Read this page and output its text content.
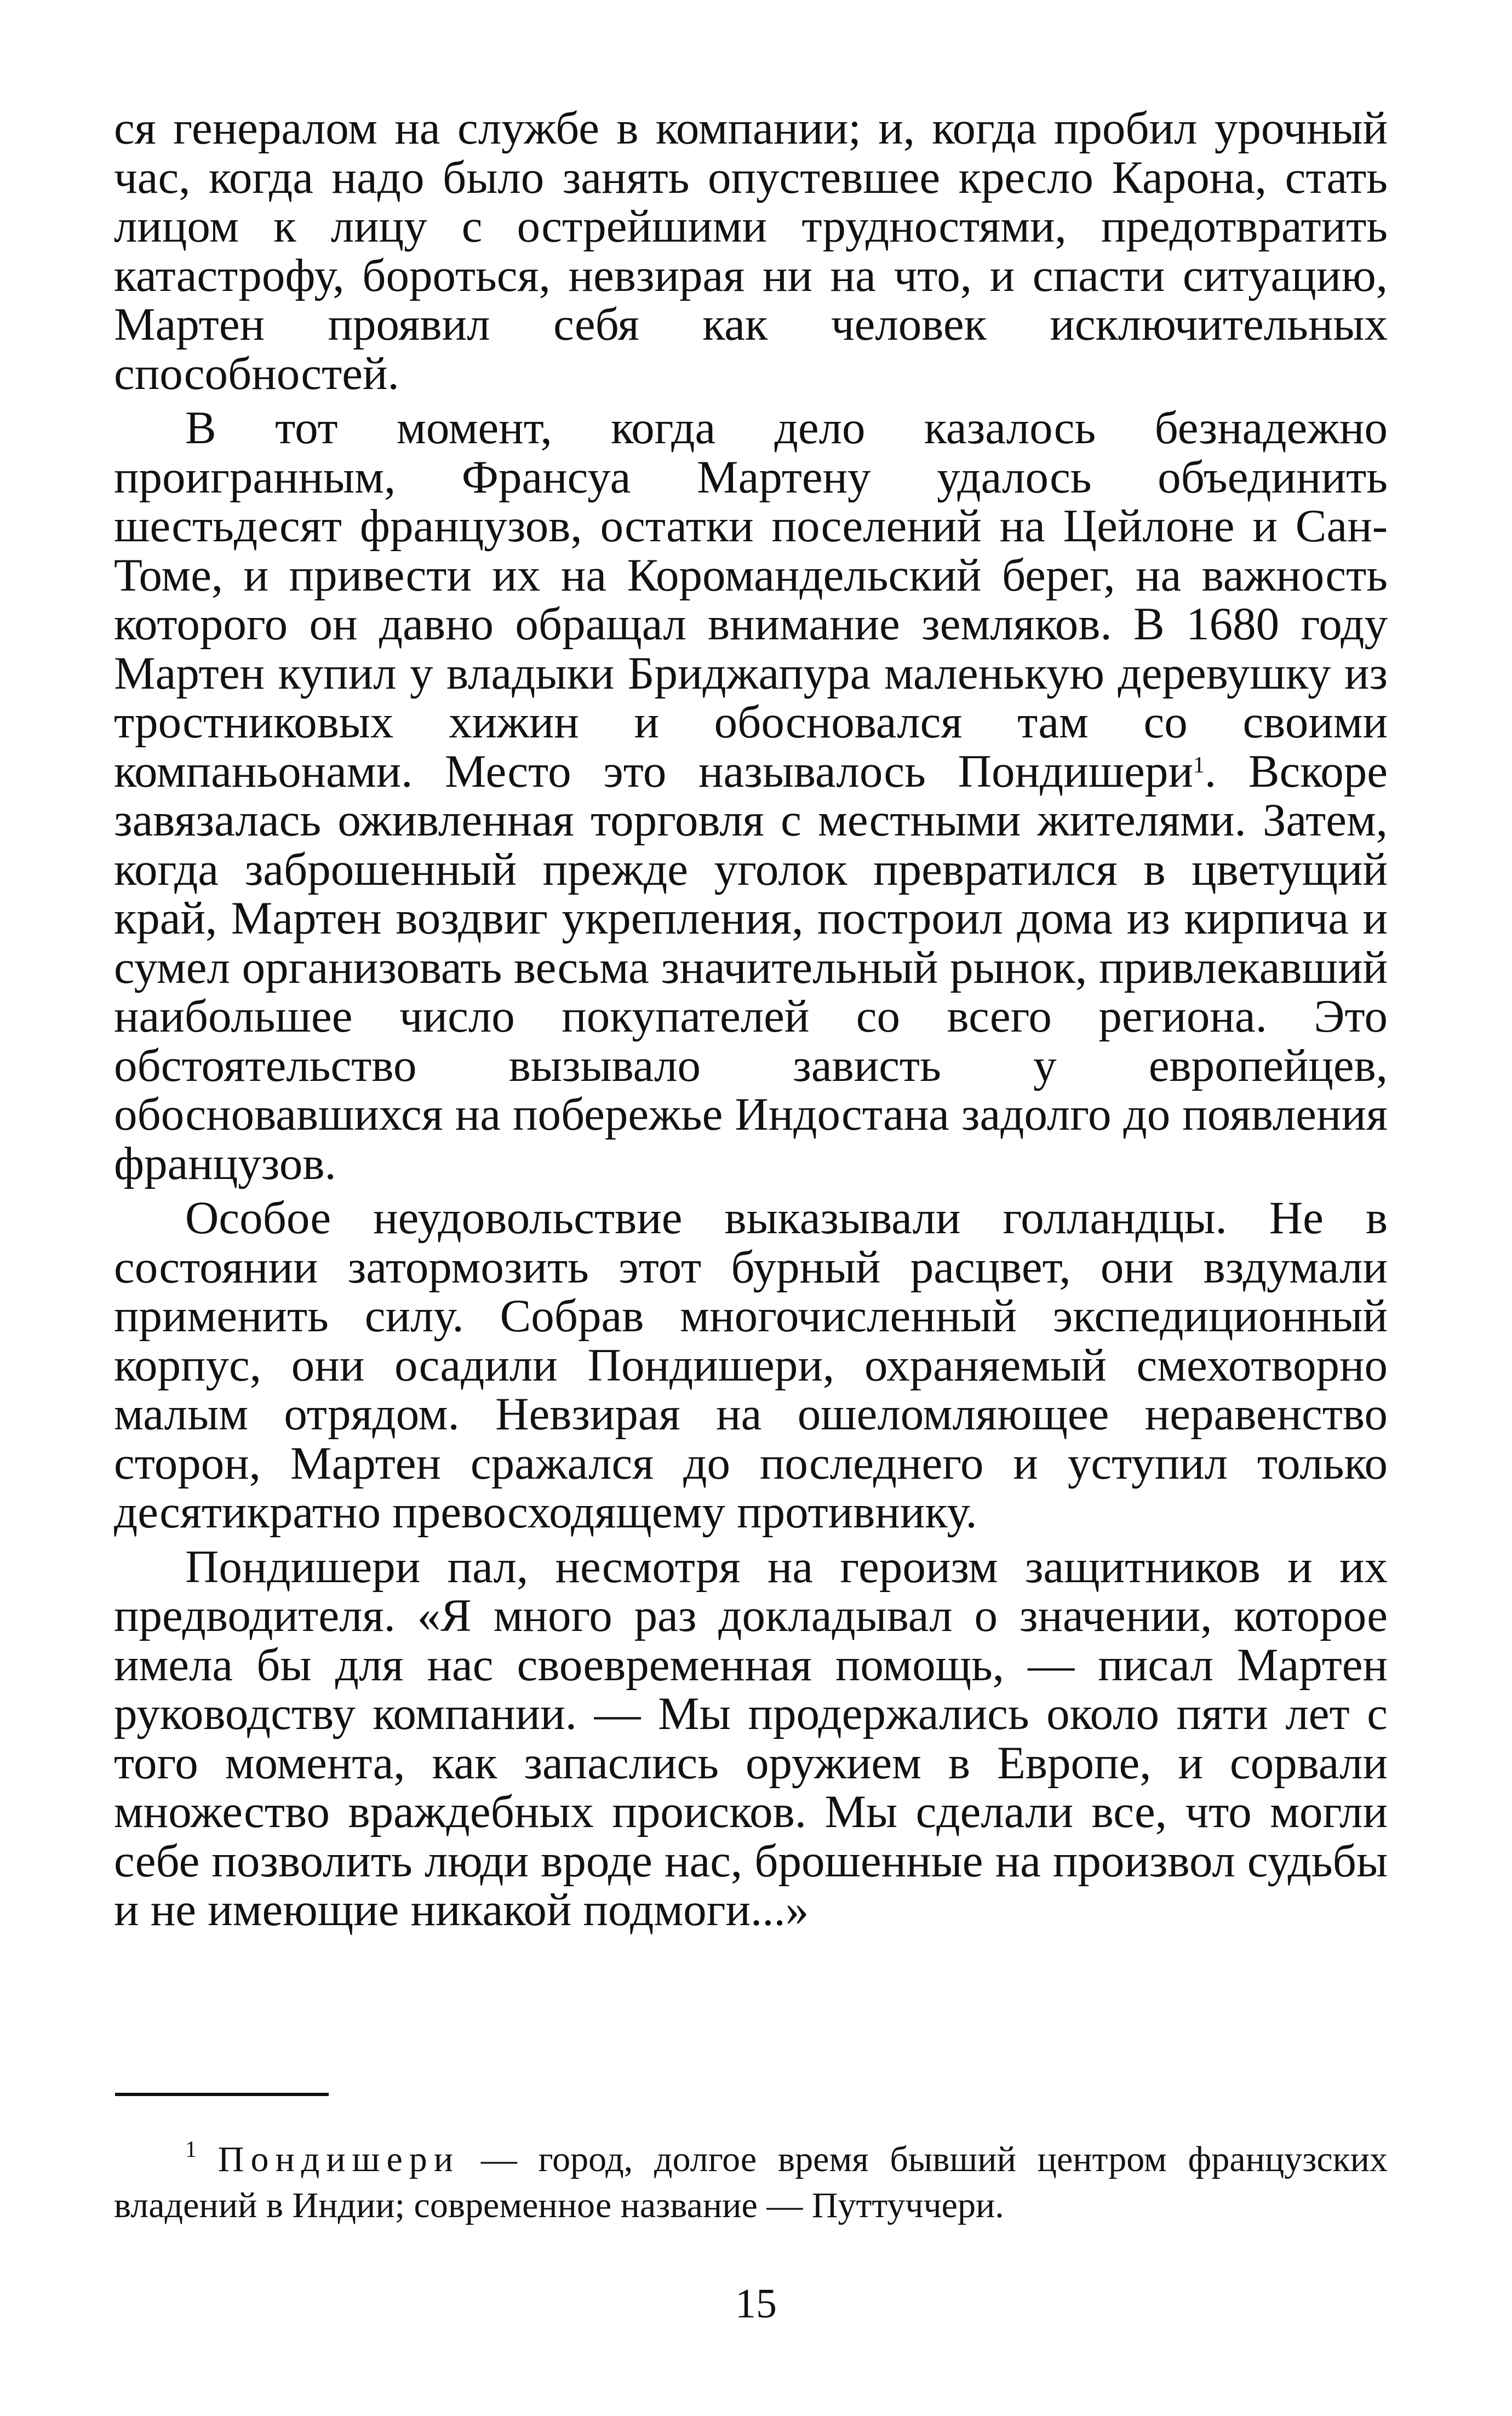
ся генералом на службе в компании; и, когда пробил урочный час, когда надо было занять опустевшее кресло Карона, стать лицом к лицу с острейшими трудностями, предотвратить катастрофу, бороться, невзирая ни на что, и спасти ситуацию, Мартен проявил себя как человек исключительных способностей.

В тот момент, когда дело казалось безнадежно проигранным, Франсуа Мартену удалось объединить шестьдесят французов, остатки поселений на Цейлоне и Сан-Томе, и привести их на Коромандельский берег, на важность которого он давно обращал внимание земляков. В 1680 году Мартен купил у владыки Бриджапура маленькую деревушку из тростниковых хижин и обосновался там со своими компаньонами. Место это называлось Пондишери$^1$. Вскоре завязалась оживленная торговля с местными жителями. Затем, когда заброшенный прежде уголок превратился в цветущий край, Мартен воздвиг укрепления, построил дома из кирпича и сумел организовать весьма значительный рынок, привлекавший наибольшее число покупателей со всего региона. Это обстоятельство вызывало зависть у европейцев, обосновавшихся на побережье Индостана задолго до появления французов.

Особое неудовольствие выказывали голландцы. Не в состоянии затормозить этот бурный расцвет, они вздумали применить силу. Собрав многочисленный экспедиционный корпус, они осадили Пондишери, охраняемый смехотворно малым отрядом. Невзирая на ошеломляющее неравенство сторон, Мартен сражался до последнего и уступил только десятикратно превосходящему противнику.

Пондишери пал, несмотря на героизм защитников и их предводителя. «Я много раз докладывал о значении, которое имела бы для нас своевременная помощь, — писал Мартен руководству компании. — Мы продержались около пяти лет с того момента, как запаслись оружием в Европе, и сорвали множество враждебных происков. Мы сделали все, что могли себе позволить люди вроде нас, брошенные на произвол судьбы и не имеющие никакой подмоги...»

$^1$ Пондишери — город, долгое время бывший центром французских владений в Индии; современное название — Путтуччери.

15
